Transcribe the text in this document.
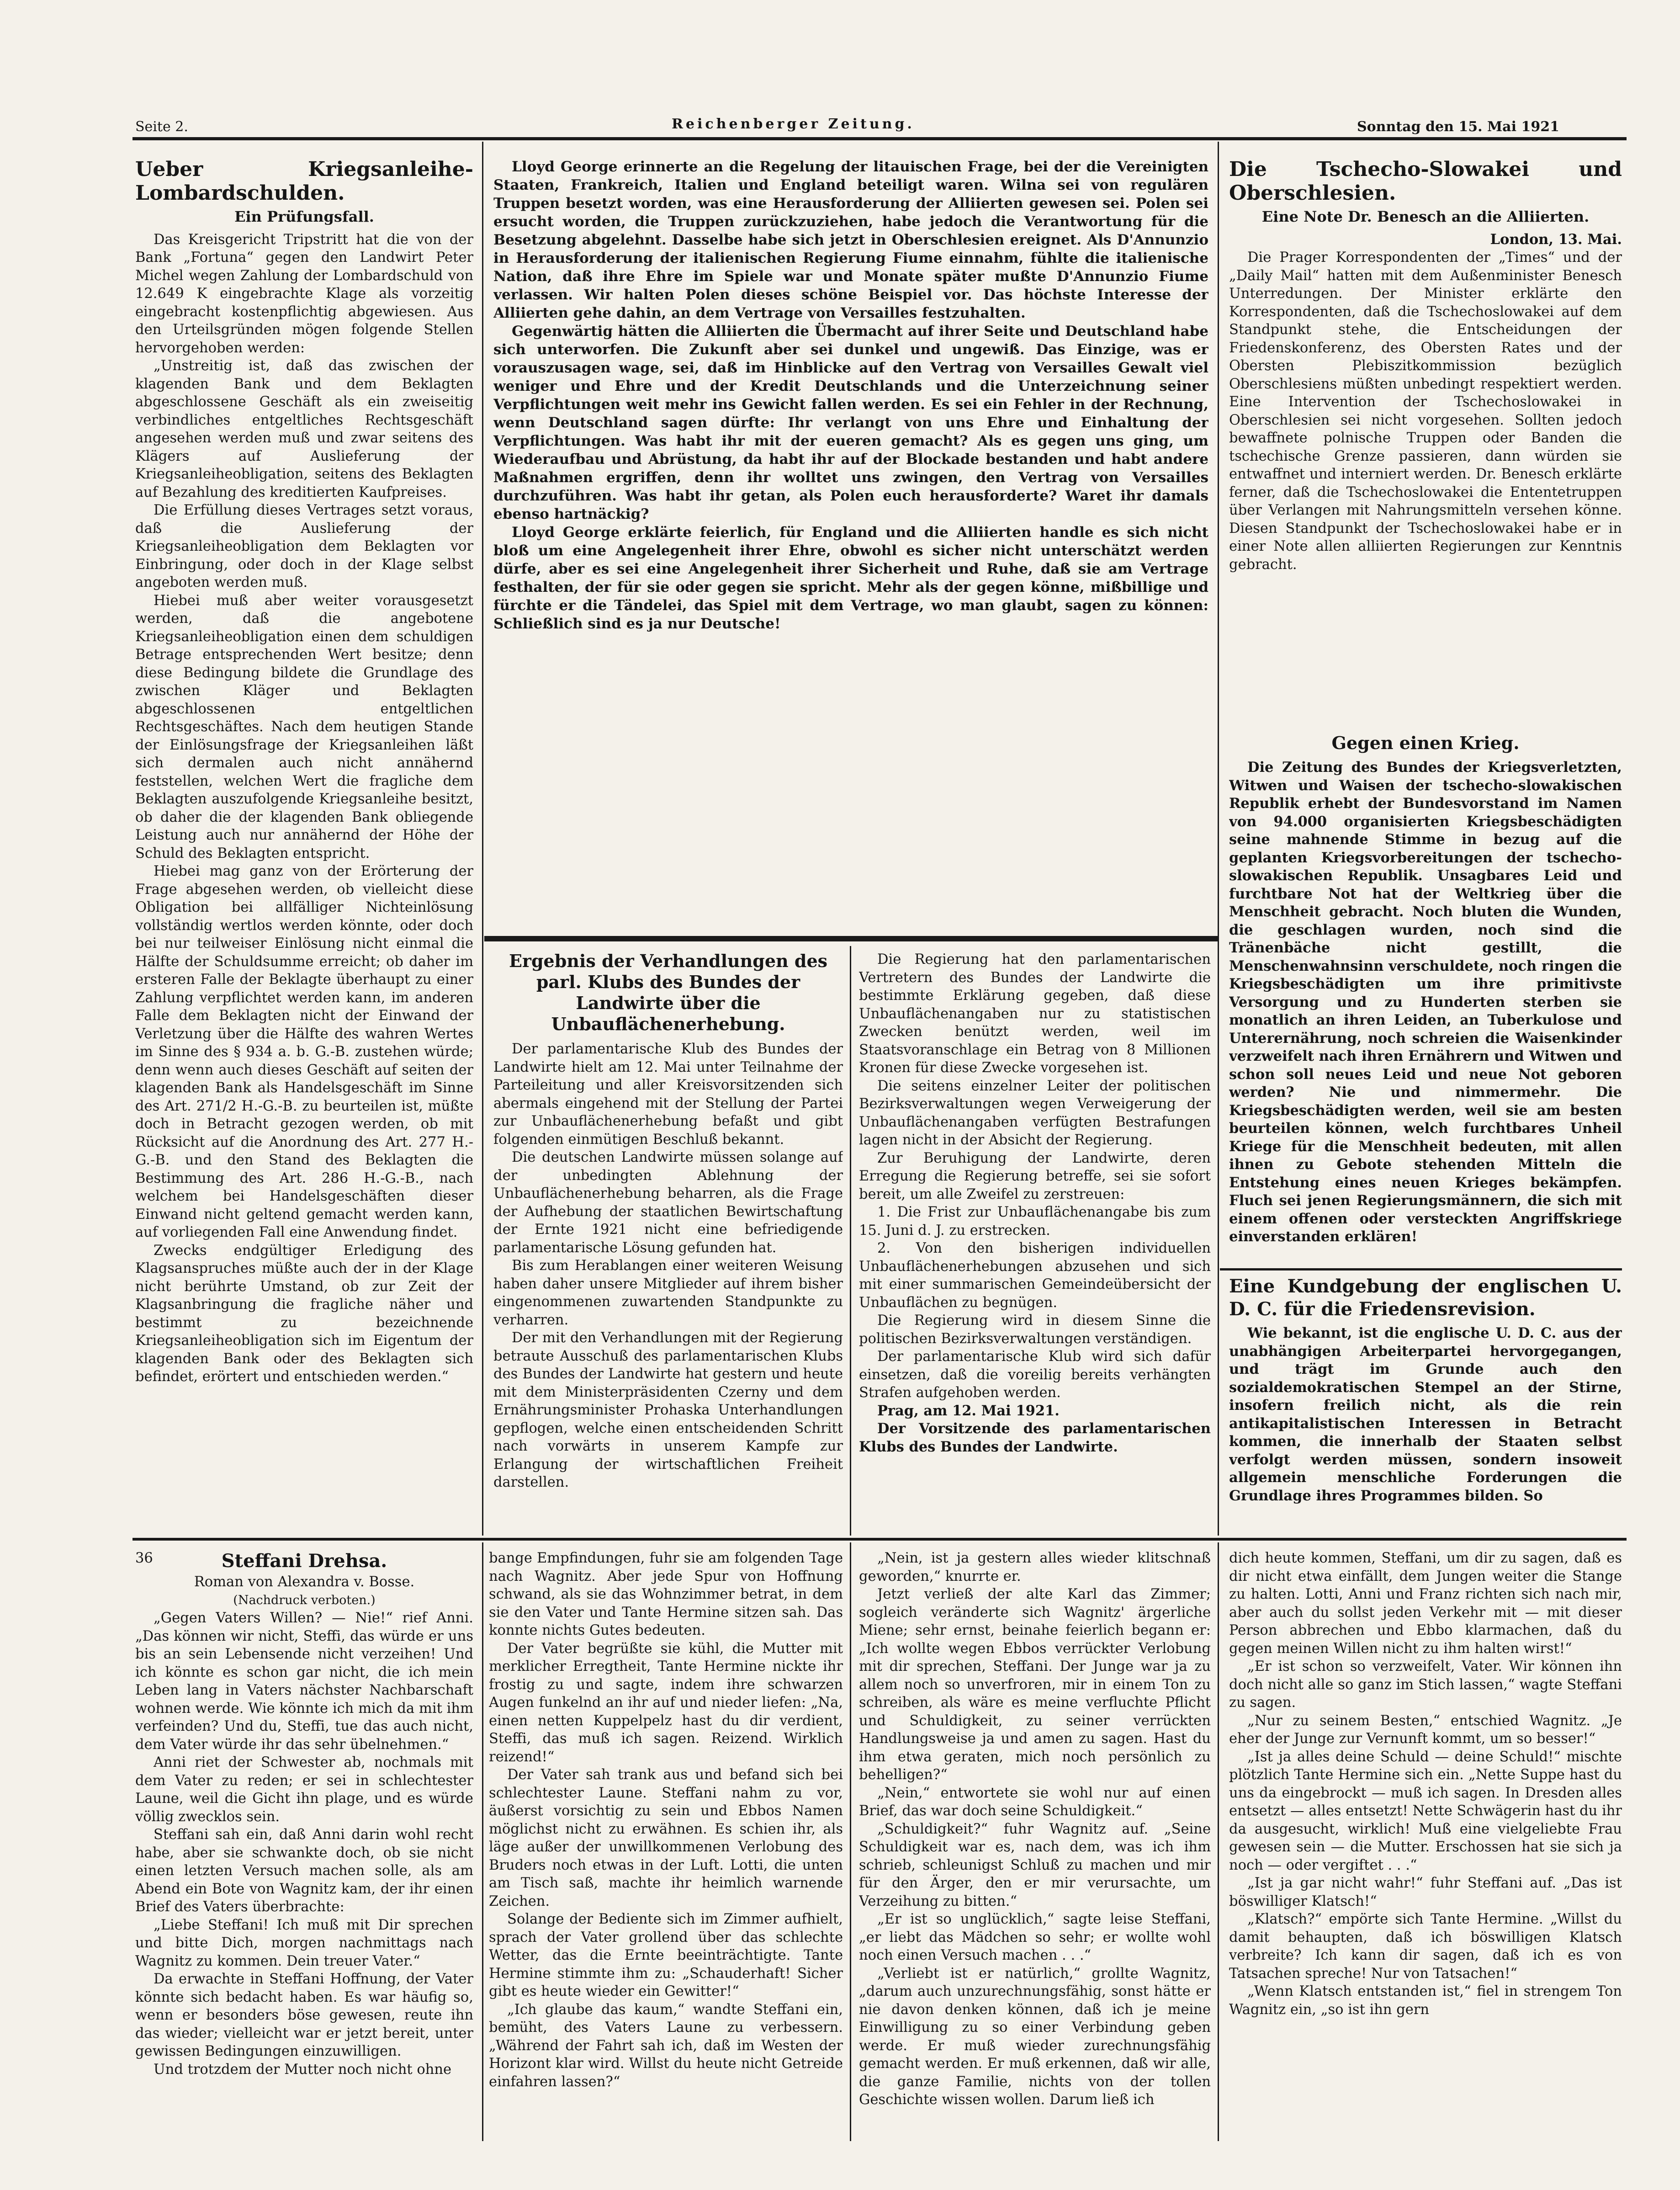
Seite 2.	Reichenberger Zeitung.	Sonntag den 15. Mai 1921
Ueber Kriegsanleihe-Lombardschulden.
Ein Prüfungsfall.

Das Kreisgericht Tripstritt hat die von der Bank „Fortuna“ gegen den Landwirt Peter Michel wegen Zahlung der Lombardschuld von 12.649 K eingebrachte Klage als vorzeitig eingebracht kostenpflichtig abgewiesen. Aus den Urteilsgründen mögen folgende Stellen hervorgehoben werden:

„Unstreitig ist, daß das zwischen der klagenden Bank und dem Beklagten abgeschlossene Geschäft als ein zweiseitig verbindliches entgeltliches Rechtsgeschäft angesehen werden muß und zwar seitens des Klägers auf Auslieferung der Kriegsanleiheobligation, seitens des Beklagten auf Bezahlung des kreditierten Kaufpreises.

Die Erfüllung dieses Vertrages setzt voraus, daß die Auslieferung der Kriegsanleiheobligation dem Beklagten vor Einbringung, oder doch in der Klage selbst angeboten werden muß.

Hiebei muß aber weiter vorausgesetzt werden, daß die angebotene Kriegsanleiheobligation einen dem schuldigen Betrage entsprechenden Wert besitze; denn diese Bedingung bildete die Grundlage des zwischen Kläger und Beklagten abgeschlossenen entgeltlichen Rechtsgeschäftes. Nach dem heutigen Stande der Einlösungsfrage der Kriegsanleihen läßt sich dermalen auch nicht annähernd feststellen, welchen Wert die fragliche dem Beklagten auszufolgende Kriegsanleihe besitzt, ob daher die der klagenden Bank obliegende Leistung auch nur annähernd der Höhe der Schuld des Beklagten entspricht.

Hiebei mag ganz von der Erörterung der Frage abgesehen werden, ob vielleicht diese Obligation bei allfälliger Nichteinlösung vollständig wertlos werden könnte, oder doch bei nur teilweiser Einlösung nicht einmal die Hälfte der Schuldsumme erreicht; ob daher im ersteren Falle der Beklagte überhaupt zu einer Zahlung verpflichtet werden kann, im anderen Falle dem Beklagten nicht der Einwand der Verletzung über die Hälfte des wahren Wertes im Sinne des § 934 a. b. G.-B. zustehen würde; denn wenn auch dieses Geschäft auf seiten der klagenden Bank als Handelsgeschäft im Sinne des Art. 271/2 H.-G.-B. zu beurteilen ist, müßte doch in Betracht gezogen werden, ob mit Rücksicht auf die Anordnung des Art. 277 H.-G.-B. und den Stand des Beklagten die Bestimmung des Art. 286 H.-G.-B., nach welchem bei Handelsgeschäften dieser Einwand nicht geltend gemacht werden kann, auf vorliegenden Fall eine Anwendung findet.

Zwecks endgültiger Erledigung des Klagsanspruches müßte auch der in der Klage nicht berührte Umstand, ob zur Zeit der Klagsanbringung die fragliche näher und bestimmt zu bezeichnende Kriegsanleiheobligation sich im Eigentum der klagenden Bank oder des Beklagten sich befindet, erörtert und entschieden werden.“

Lloyd George erinnerte an die Regelung der litauischen Frage, bei der die Vereinigten Staaten, Frankreich, Italien und England beteiligt waren. Wilna sei von regulären Truppen besetzt worden, was eine Herausforderung der Alliierten gewesen sei. Polen sei ersucht worden, die Truppen zurückzuziehen, habe jedoch die Verantwortung für die Besetzung abgelehnt. Dasselbe habe sich jetzt in Oberschlesien ereignet. Als D'Annunzio in Herausforderung der italienischen Regierung Fiume einnahm, fühlte die italienische Nation, daß ihre Ehre im Spiele war und Monate später mußte D'Annunzio Fiume verlassen. Wir halten Polen dieses schöne Beispiel vor. Das höchste Interesse der Alliierten gehe dahin, an dem Vertrage von Versailles festzuhalten.

Gegenwärtig hätten die Alliierten die Übermacht auf ihrer Seite und Deutschland habe sich unterworfen. Die Zukunft aber sei dunkel und ungewiß. Das Einzige, was er vorauszusagen wage, sei, daß im Hinblicke auf den Vertrag von Versailles Gewalt viel weniger und Ehre und der Kredit Deutschlands und die Unterzeichnung seiner Verpflichtungen weit mehr ins Gewicht fallen werden. Es sei ein Fehler in der Rechnung, wenn Deutschland sagen dürfte: Ihr verlangt von uns Ehre und Einhaltung der Verpflichtungen. Was habt ihr mit der eueren gemacht? Als es gegen uns ging, um Wiederaufbau und Abrüstung, da habt ihr auf der Blockade bestanden und habt andere Maßnahmen ergriffen, denn ihr wolltet uns zwingen, den Vertrag von Versailles durchzuführen. Was habt ihr getan, als Polen euch herausforderte? Waret ihr damals ebenso hartnäckig?

Lloyd George erklärte feierlich, für England und die Alliierten handle es sich nicht bloß um eine Angelegenheit ihrer Ehre, obwohl es sicher nicht unterschätzt werden dürfe, aber es sei eine Angelegenheit ihrer Sicherheit und Ruhe, daß sie am Vertrage festhalten, der für sie oder gegen sie spricht. Mehr als der gegen könne, mißbillige und fürchte er die Tändelei, das Spiel mit dem Vertrage, wo man glaubt, sagen zu können: Schließlich sind es ja nur Deutsche!

Ergebnis der Verhandlungen des parl. Klubs des Bundes der Landwirte über die Unbauflächenerhebung.

Der parlamentarische Klub des Bundes der Landwirte hielt am 12. Mai unter Teilnahme der Parteileitung und aller Kreisvorsitzenden sich abermals eingehend mit der Stellung der Partei zur Unbauflächenerhebung befaßt und gibt folgenden einmütigen Beschluß bekannt.

Die deutschen Landwirte müssen solange auf der unbedingten Ablehnung der Unbauflächenerhebung beharren, als die Frage der Aufhebung der staatlichen Bewirtschaftung der Ernte 1921 nicht eine befriedigende parlamentarische Lösung gefunden hat.

Bis zum Herablangen einer weiteren Weisung haben daher unsere Mitglieder auf ihrem bisher eingenommenen zuwartenden Standpunkte zu verharren.

Der mit den Verhandlungen mit der Regierung betraute Ausschuß des parlamentarischen Klubs des Bundes der Landwirte hat gestern und heute mit dem Ministerpräsidenten Czerny und dem Ernährungsminister Prohaska Unterhandlungen gepflogen, welche einen entscheidenden Schritt nach vorwärts in unserem Kampfe zur Erlangung der wirtschaftlichen Freiheit darstellen.

Die Regierung hat den parlamentarischen Vertretern des Bundes der Landwirte die bestimmte Erklärung gegeben, daß diese Unbauflächenangaben nur zu statistischen Zwecken benützt werden, weil im Staatsvoranschlage ein Betrag von 8 Millionen Kronen für diese Zwecke vorgesehen ist.

Die seitens einzelner Leiter der politischen Bezirksverwaltungen wegen Verweigerung der Unbauflächenangaben verfügten Bestrafungen lagen nicht in der Absicht der Regierung.

Zur Beruhigung der Landwirte, deren Erregung die Regierung betreffe, sei sie sofort bereit, um alle Zweifel zu zerstreuen:

1. Die Frist zur Unbauflächenangabe bis zum 15. Juni d. J. zu erstrecken.

2. Von den bisherigen individuellen Unbauflächenerhebungen abzusehen und sich mit einer summarischen Gemeindeübersicht der Unbauflächen zu begnügen.

Die Regierung wird in diesem Sinne die politischen Bezirksverwaltungen verständigen.

Der parlamentarische Klub wird sich dafür einsetzen, daß die voreilig bereits verhängten Strafen aufgehoben werden.

Prag, am 12. Mai 1921.

Der Vorsitzende des parlamentarischen Klubs des Bundes der Landwirte.

Die Tschecho-Slowakei und Oberschlesien.
Eine Note Dr. Benesch an die Alliierten.
London, 13. Mai.

Die Prager Korrespondenten der „Times“ und der „Daily Mail“ hatten mit dem Außenminister Benesch Unterredungen. Der Minister erklärte den Korrespondenten, daß die Tschechoslowakei auf dem Standpunkt stehe, die Entscheidungen der Friedenskonferenz, des Obersten Rates und der Obersten Plebiszitkommission bezüglich Oberschlesiens müßten unbedingt respektiert werden. Eine Intervention der Tschechoslowakei in Oberschlesien sei nicht vorgesehen. Sollten jedoch bewaffnete polnische Truppen oder Banden die tschechische Grenze passieren, dann würden sie entwaffnet und interniert werden. Dr. Benesch erklärte ferner, daß die Tschechoslowakei die Ententetruppen über Verlangen mit Nahrungsmitteln versehen könne. Diesen Standpunkt der Tschechoslowakei habe er in einer Note allen alliierten Regierungen zur Kenntnis gebracht.

Gegen einen Krieg.

Die Zeitung des Bundes der Kriegsverletzten, Witwen und Waisen der tschecho-slowakischen Republik erhebt der Bundesvorstand im Namen von 94.000 organisierten Kriegsbeschädigten seine mahnende Stimme in bezug auf die geplanten Kriegsvorbereitungen der tschecho-slowakischen Republik. Unsagbares Leid und furchtbare Not hat der Weltkrieg über die Menschheit gebracht. Noch bluten die Wunden, die geschlagen wurden, noch sind die Tränenbäche nicht gestillt, die Menschenwahnsinn verschuldete, noch ringen die Kriegsbeschädigten um ihre primitivste Versorgung und zu Hunderten sterben sie monatlich an ihren Leiden, an Tuberkulose und Unterernährung, noch schreien die Waisenkinder verzweifelt nach ihren Ernährern und Witwen und schon soll neues Leid und neue Not geboren werden? Nie und nimmermehr. Die Kriegsbeschädigten werden, weil sie am besten beurteilen können, welch furchtbares Unheil Kriege für die Menschheit bedeuten, mit allen ihnen zu Gebote stehenden Mitteln die Entstehung eines neuen Krieges bekämpfen. Fluch sei jenen Regierungsmännern, die sich mit einem offenen oder versteckten Angriffskriege einverstanden erklären!

Eine Kundgebung der englischen U. D. C. für die Friedensrevision.

Wie bekannt, ist die englische U. D. C. aus der unabhängigen Arbeiterpartei hervorgegangen, und trägt im Grunde auch den sozialdemokratischen Stempel an der Stirne, insofern freilich nicht, als die rein antikapitalistischen Interessen in Betracht kommen, die innerhalb der Staaten selbst verfolgt werden müssen, sondern insoweit allgemein menschliche Forderungen die Grundlage ihres Programmes bilden. So

36	Steffani Drehsa.
Roman von Alexandra v. Bosse.
(Nachdruck verboten.)

„Gegen Vaters Willen? — Nie!“ rief Anni. „Das können wir nicht, Steffi, das würde er uns bis an sein Lebensende nicht verzeihen! Und ich könnte es schon gar nicht, die ich mein Leben lang in Vaters nächster Nachbarschaft wohnen werde. Wie könnte ich mich da mit ihm verfeinden? Und du, Steffi, tue das auch nicht, dem Vater würde ihr das sehr übelnehmen.“

Anni riet der Schwester ab, nochmals mit dem Vater zu reden; er sei in schlechtester Laune, weil die Gicht ihn plage, und es würde völlig zwecklos sein.

Steffani sah ein, daß Anni darin wohl recht habe, aber sie schwankte doch, ob sie nicht einen letzten Versuch machen solle, als am Abend ein Bote von Wagnitz kam, der ihr einen Brief des Vaters überbrachte:

„Liebe Steffani! Ich muß mit Dir sprechen und bitte Dich, morgen nachmittags nach Wagnitz zu kommen. Dein treuer Vater.“

Da erwachte in Steffani Hoffnung, der Vater könnte sich bedacht haben. Es war häufig so, wenn er besonders böse gewesen, reute ihn das wieder; vielleicht war er jetzt bereit, unter gewissen Bedingungen einzuwilligen.

Und trotzdem der Mutter noch nicht ohne

bange Empfindungen, fuhr sie am folgenden Tage nach Wagnitz. Aber jede Spur von Hoffnung schwand, als sie das Wohnzimmer betrat, in dem sie den Vater und Tante Hermine sitzen sah. Das konnte nichts Gutes bedeuten.

Der Vater begrüßte sie kühl, die Mutter mit merklicher Erregtheit, Tante Hermine nickte ihr frostig zu und sagte, indem ihre schwarzen Augen funkelnd an ihr auf und nieder liefen: „Na, einen netten Kuppelpelz hast du dir verdient, Steffi, das muß ich sagen. Reizend. Wirklich reizend!“

Der Vater sah trank aus und befand sich bei schlechtester Laune. Steffani nahm zu vor, äußerst vorsichtig zu sein und Ebbos Namen möglichst nicht zu erwähnen. Es schien ihr, als läge außer der unwillkommenen Verlobung des Bruders noch etwas in der Luft. Lotti, die unten am Tisch saß, machte ihr heimlich warnende Zeichen.

Solange der Bediente sich im Zimmer aufhielt, sprach der Vater grollend über das schlechte Wetter, das die Ernte beeinträchtigte. Tante Hermine stimmte ihm zu: „Schauderhaft! Sicher gibt es heute wieder ein Gewitter!“

„Ich glaube das kaum,“ wandte Steffani ein, bemüht, des Vaters Laune zu verbessern. „Während der Fahrt sah ich, daß im Westen der Horizont klar wird. Willst du heute nicht Getreide einfahren lassen?“

„Nein, ist ja gestern alles wieder klitschnaß geworden,“ knurrte er.

Jetzt verließ der alte Karl das Zimmer; sogleich veränderte sich Wagnitz' ärgerliche Miene; sehr ernst, beinahe feierlich begann er: „Ich wollte wegen Ebbos verrückter Verlobung mit dir sprechen, Steffani. Der Junge war ja zu allem noch so unverfroren, mir in einem Ton zu schreiben, als wäre es meine verfluchte Pflicht und Schuldigkeit, zu seiner verrückten Handlungsweise ja und amen zu sagen. Hast du ihm etwa geraten, mich noch persönlich zu behelligen?“

„Nein,“ entwortete sie wohl nur auf einen Brief, das war doch seine Schuldigkeit.“

„Schuldigkeit?“ fuhr Wagnitz auf. „Seine Schuldigkeit war es, nach dem, was ich ihm schrieb, schleunigst Schluß zu machen und mir für den Ärger, den er mir verursachte, um Verzeihung zu bitten.“

„Er ist so unglücklich,“ sagte leise Steffani, „er liebt das Mädchen so sehr; er wollte wohl noch einen Versuch machen . . .“

„Verliebt ist er natürlich,“ grollte Wagnitz, „darum auch unzurechnungsfähig, sonst hätte er nie davon denken können, daß ich je meine Einwilligung zu so einer Verbindung geben werde. Er muß wieder zurechnungsfähig gemacht werden. Er muß erkennen, daß wir alle, die ganze Familie, nichts von der tollen Geschichte wissen wollen. Darum ließ ich

dich heute kommen, Steffani, um dir zu sagen, daß es dir nicht etwa einfällt, dem Jungen weiter die Stange zu halten. Lotti, Anni und Franz richten sich nach mir, aber auch du sollst jeden Verkehr mit — mit dieser Person abbrechen und Ebbo klarmachen, daß du gegen meinen Willen nicht zu ihm halten wirst!“

„Er ist schon so verzweifelt, Vater. Wir können ihn doch nicht alle so ganz im Stich lassen,“ wagte Steffani zu sagen.

„Nur zu seinem Besten,“ entschied Wagnitz. „Je eher der Junge zur Vernunft kommt, um so besser!“

„Ist ja alles deine Schuld — deine Schuld!“ mischte plötzlich Tante Hermine sich ein. „Nette Suppe hast du uns da eingebrockt — muß ich sagen. In Dresden alles entsetzt — alles entsetzt! Nette Schwägerin hast du ihr da ausgesucht, wirklich! Muß eine vielgeliebte Frau gewesen sein — die Mutter. Erschossen hat sie sich ja noch — oder vergiftet . . .“

„Ist ja gar nicht wahr!“ fuhr Steffani auf. „Das ist böswilliger Klatsch!“

„Klatsch?“ empörte sich Tante Hermine. „Willst du damit behaupten, daß ich böswilligen Klatsch verbreite? Ich kann dir sagen, daß ich es von Tatsachen spreche! Nur von Tatsachen!“

„Wenn Klatsch entstanden ist,“ fiel in strengem Ton Wagnitz ein, „so ist ihn gern
